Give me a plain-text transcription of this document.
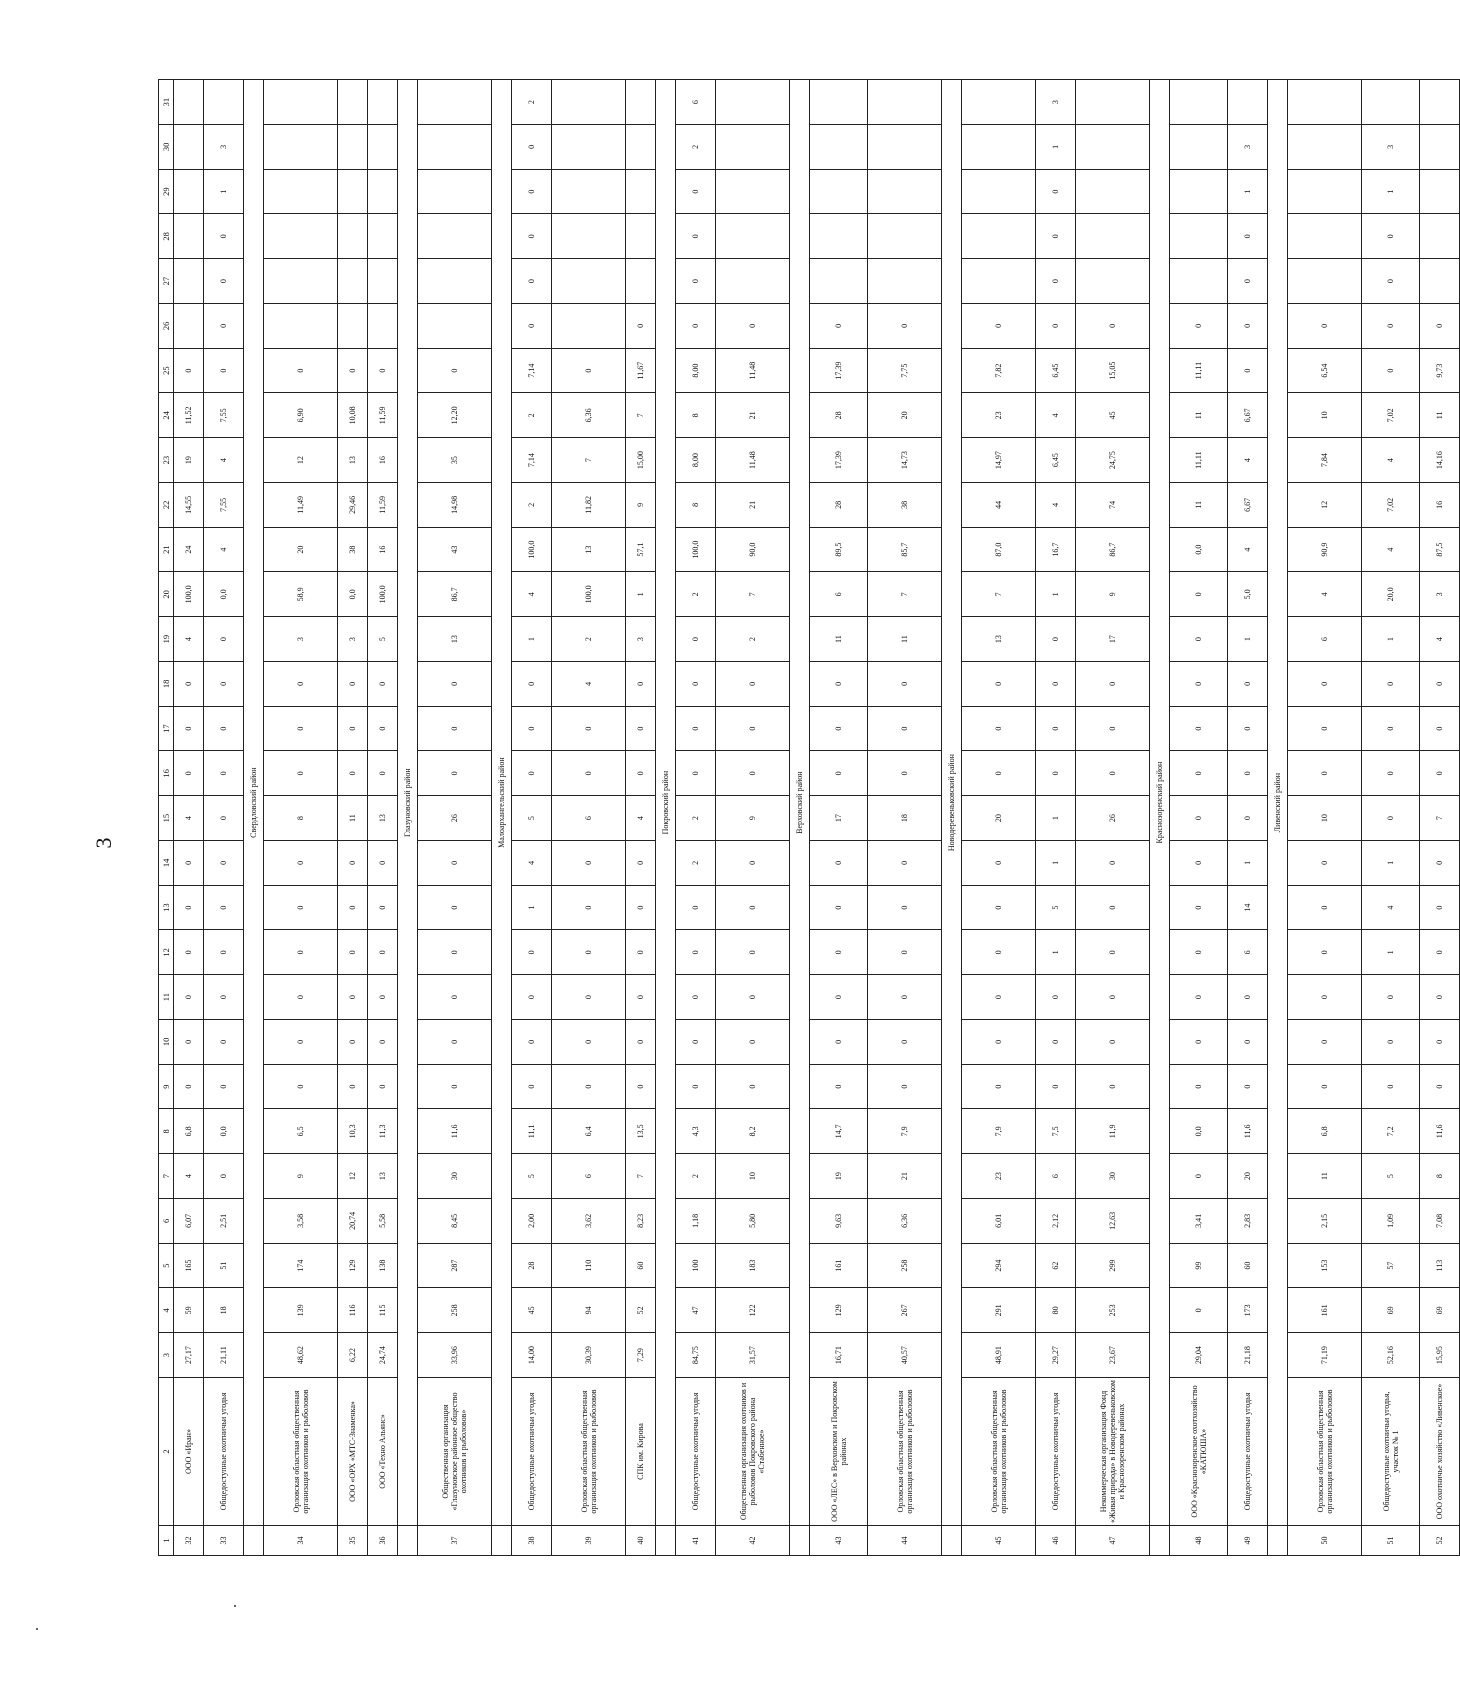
3
1	2	3	4	5	6	7	8	9	10	11	12	13	14	15	16	17	18	19	20	21	22	23	24	25	26	27	28	29	30	31
32	ООО «Иран»	27,17	59	165	6,07	4	6,8	0	0	0	0	0	0	4	0	0	0	4	100,0	24	14,55	19	11,52	0						
33	Общедоступные охотничьи угодья	21,11	18	51	2,51	0	0,0	0	0	0	0	0	0	0	0	0	0	0	0,0	4	7,55	4	7,55	0	0	0	0	1	3	
	Свердловский район																													
34	Орловская областная общественная организация охотников и рыболовов	48,62	139	174	3,58	9	6,5	0	0	0	0	0	0	8	0	0	0	3	58,9	20	11,49	12	6,90	0						
35	ООО «ОРХ «МТС-Знаменка»	6,22	116	129	20,74	12	10,3	0	0	0	0	0	0	11	0	0	0	3	0,0	38	29,46	13	10,08	0						
36	ООО «Техно Альянс»	24,74	115	138	5,58	13	11,3	0	0	0	0	0	0	13	0	0	0	5	100,0	16	11,59	16	11,59	0						
	Глазуновский район																													
37	Общественная организация «Глазуновское районное общество охотников и рыболовов»	33,96	258	287	8,45	30	11,6	0	0	0	0	0	0	26	0	0	0	13	86,7	43	14,98	35	12,20	0						
	Малоархангельский район																													
38	Общедоступные охотничьи угодья	14,00	45	28	2,00	5	11,1	0	0	0	0	1	4	5	0	0	0	1	4	100,0	2	7,14	2	7,14	0	0	0	0	0	2
39	Орловская областная общественная организация охотников и рыболовов	30,39	94	110	3,62	6	6,4	0	0	0	0	0	0	6	0	0	4	2	100,0	13	11,82	7	6,36	0						
40	СПК им. Кирова	7,29	52	60	8,23	7	13,5	0	0	0	0	0	0	4	0	0	0	3	1	57,1	9	15,00	7	11,67	0					
	Покровский район																													
41	Общедоступные охотничьи угодья	84,75	47	100	1,18	2	4,3	0	0	0	0	0	2	2	0	0	0	0	2	100,0	8	8,00	8	8,00	0	0	0	0	2	6
42	Общественная организация охотников и рыболовов Покровского района «Стабенное»	31,57	122	183	5,80	10	8,2	0	0	0	0	0	0	9	0	0	0	2	7	90,0	21	11,48	21	11,48	0					
	Верховский район																													
43	ООО «ЛЕС» в Верховском и Покровском районах	16,71	129	161	9,63	19	14,7	0	0	0	0	0	0	17	0	0	0	11	6	89,5	28	17,39	28	17,39	0					
44	Орловская областная общественная организация охотников и рыболовов	40,57	267	258	6,36	21	7,9	0	0	0	0	0	0	18	0	0	0	11	7	85,7	38	14,73	20	7,75	0					
	Новодеревеньковский район																													
45	Орловская областная общественная организация охотников и рыболовов	48,91	291	294	6,01	23	7,9	0	0	0	0	0	0	20	0	0	0	13	7	87,0	44	14,97	23	7,82	0					
46	Общедоступные охотничьи угодья	29,27	80	62	2,12	6	7,5	0	0	0	1	5	1	1	0	0	0	0	1	16,7	4	6,45	4	6,45	0	0	0	0	1	3
47	Некоммерческая организация Фонд «Живая природа» в Новодеревеньковском и Краснозоренском районах	23,67	253	299	12,63	30	11,9	0	0	0	0	0	0	26	0	0	0	17	9	86,7	74	24,75	45	15,05	0					
	Краснозоренский район																													
48	ООО «Краснозоренское охотхозяйство «КАТЮША»	29,04	0	99	3,41	0	0,0	0	0	0	0	0	0	0	0	0	0	0	0	0,0	11	11,11	11	11,11	0					
49	Общедоступные охотничьи угодья	21,18	173	60	2,83	20	11,6	0	0	0	6	14	1	0	0	0	0	1	5,0	4	6,67	4	6,67	0	0	0	0	1	3	
	Ливенский район																													
50	Орловская областная общественная организация охотников и рыболовов	71,19	161	153	2,15	11	6,8	0	0	0	0	0	0	10	0	0	0	6	4	90,9	12	7,84	10	6,54	0					
51	Общедоступные охотничьи угодья, участок № 1	52,16	69	57	1,09	5	7,2	0	0	0	1	4	1	0	0	0	0	1	20,0	4	7,02	4	7,02	0	0	0	0	1	3	
52	ООО охотничье хозяйство «Ливенское»	15,95	69	113	7,08	8	11,6	0	0	0	0	0	0	7	0	0	0	4	3	87,5	16	14,16	11	9,73	0					
